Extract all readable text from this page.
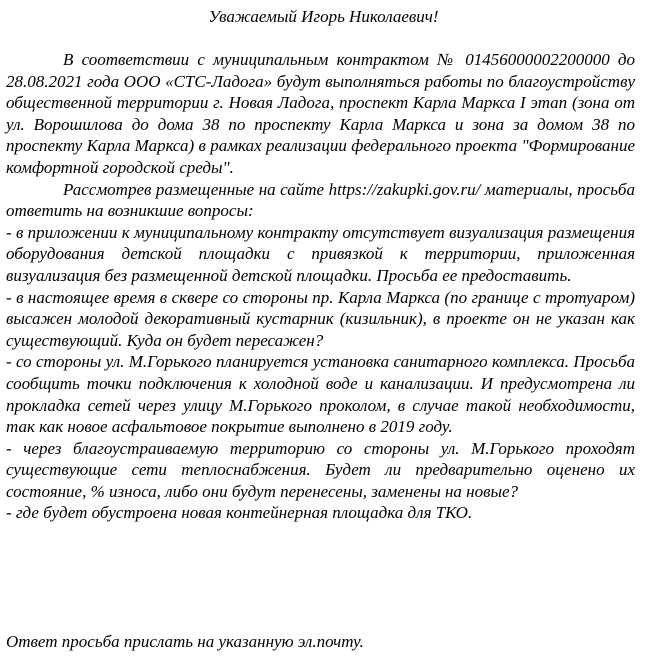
Уважаемый Игорь Николаевич!

В соответствии с муниципальным контрактом № 01456000002200000 до 28.08.2021 года ООО «СТС-Ладога» будут выполняться работы по благоустройству общественной территории г. Новая Ладога, проспект Карла Маркса I этап (зона от ул. Ворошилова до дома 38 по проспекту Карла Маркса и зона за домом 38 по проспекту Карла Маркса) в рамках реализации федерального проекта "Формирование комфортной городской среды".

Рассмотрев размещенные на сайте https://zakupki.gov.ru/ материалы, просьба ответить на возникшие вопросы:

- в приложении к муниципальному контракту отсутствует визуализация размещения оборудования детской площадки с привязкой к территории, приложенная визуализация без размещенной детской площадки. Просьба ее предоставить.

- в настоящее время в сквере со стороны пр. Карла Маркса (по границе с тротуаром) высажен молодой декоративный кустарник (кизильник), в проекте он не указан как существующий. Куда он будет пересажен?

- со стороны ул. М.Горького планируется установка санитарного комплекса. Просьба сообщить точки подключения к холодной воде и канализации. И предусмотрена ли прокладка сетей через улицу М.Горького проколом, в случае такой необходимости, так как новое асфальтовое покрытие выполнено в 2019 году.

- через благоустраиваемую территорию со стороны ул. М.Горького проходят существующие сети теплоснабжения. Будет ли предварительно оценено их состояние, % износа, либо они будут перенесены, заменены на новые?

- где будет обустроена новая контейнерная площадка для ТКО.

Ответ просьба прислать на указанную эл.почту.
